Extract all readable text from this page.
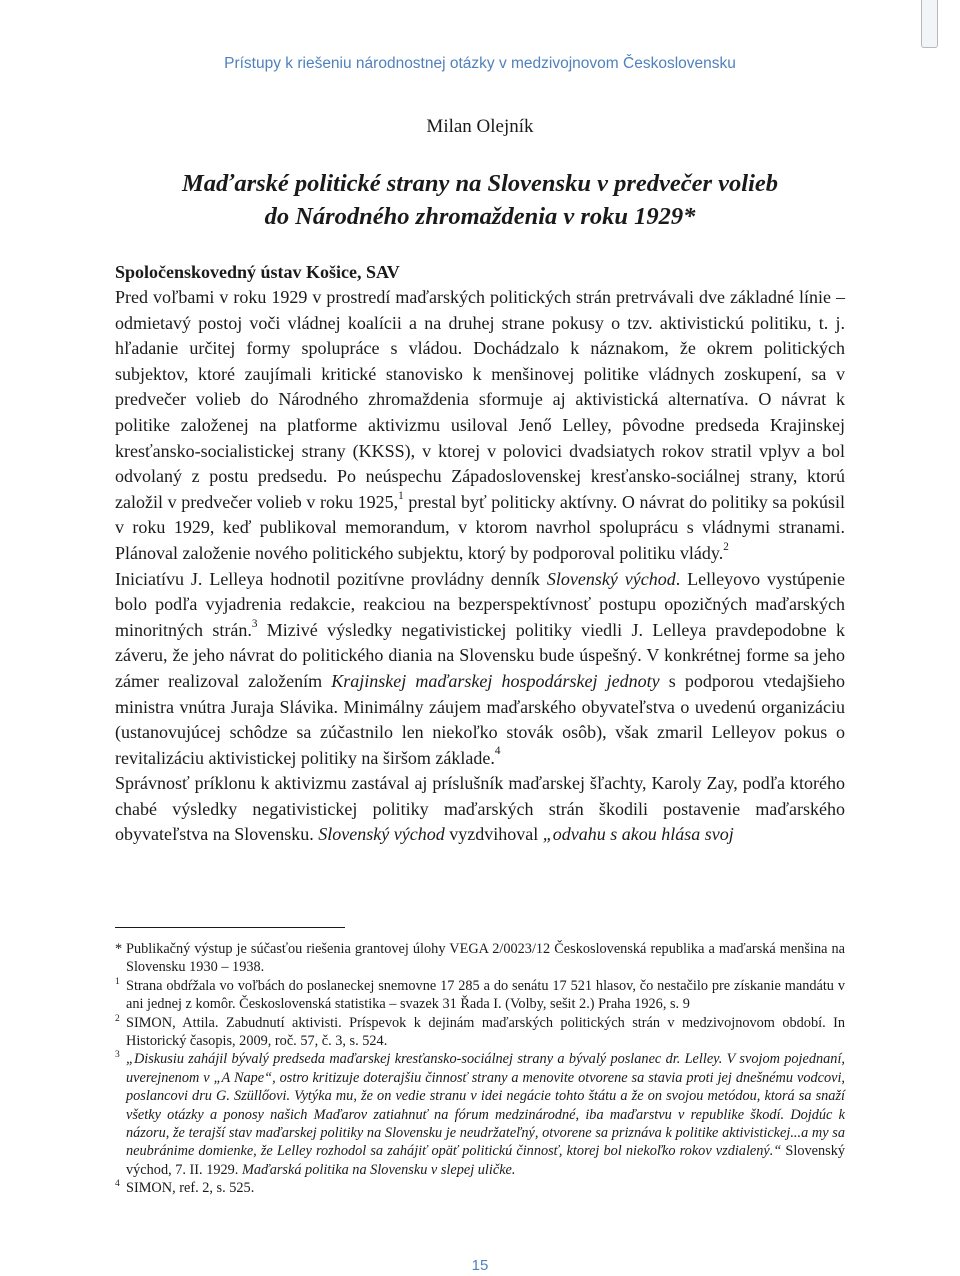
Prístupy k riešeniu národnostnej otázky v medzivojnovom Československu
Milan Olejník
Maďarské politické strany na Slovensku v predvečer volieb
do Národného zhromaždenia v roku 1929*
Spoločenskovedný ústav Košice, SAV

Pred voľbami v roku 1929 v prostredí maďarských politických strán pretrvávali dve základné línie – odmietavý postoj voči vládnej koalícii a na druhej strane pokusy o tzv. aktivistickú politiku, t. j. hľadanie určitej formy spolupráce s vládou. Dochádzalo k náznakom, že okrem politických subjektov, ktoré zaujímali kritické stanovisko k menšinovej politike vládnych zoskupení, sa v predvečer volieb do Národného zhromaždenia sformuje aj aktivistická alternatíva. O návrat k politike založenej na platforme aktivizmu usiloval Jenő Lelley, pôvodne predseda Krajinskej kresťansko-socialistickej strany (KKSS), v ktorej v polovici dvadsiatych rokov stratil vplyv a bol odvolaný z postu predsedu. Po neúspechu Západoslovenskej kresťansko-sociálnej strany, ktorú založil v predvečer volieb v roku 1925,$^1$ prestal byť politicky aktívny. O návrat do politiky sa pokúsil v roku 1929, keď publikoval memorandum, v ktorom navrhol spoluprácu s vládnymi stranami. Plánoval založenie nového politického subjektu, ktorý by podporoval politiku vlády.$^2$

Iniciatívu J. Lelleya hodnotil pozitívne provládny denník Slovenský východ. Lelleyovo vystúpenie bolo podľa vyjadrenia redakcie, reakciou na bezperspektívnosť postupu opozičných maďarských minoritných strán.$^3$ Mizivé výsledky negativistickej politiky viedli J. Lelleya pravdepodobne k záveru, že jeho návrat do politického diania na Slovensku bude úspešný. V konkrétnej forme sa jeho zámer realizoval založením Krajinskej maďarskej hospodárskej jednoty s podporou vtedajšieho ministra vnútra Juraja Slávika. Minimálny záujem maďarského obyvateľstva o uvedenú organizáciu (ustanovujúcej schôdze sa zúčastnilo len niekoľko stovák osôb), však zmaril Lelleyov pokus o revitalizáciu aktivistickej politiky na širšom základe.$^4$

Správnosť príklonu k aktivizmu zastával aj príslušník maďarskej šľachty, Karoly Zay, podľa ktorého chabé výsledky negativistickej politiky maďarských strán škodili postavenie maďarského obyvateľstva na Slovensku. Slovenský východ vyzdvihoval „odvahu s akou hlása svoj

* Publikačný výstup je súčasťou riešenia grantovej úlohy VEGA 2/0023/12 Československá republika a maďarská menšina na Slovensku 1930 – 1938.
1 Strana obdŕžala vo voľbách do poslaneckej snemovne 17 285 a do senátu 17 521 hlasov, čo nestačilo pre získanie mandátu v ani jednej z komôr. Československá statistika – svazek 31 Řada I. (Volby, sešit 2.) Praha 1926, s. 9
2 SIMON, Attila. Zabudnutí aktivisti. Príspevok k dejinám maďarských politických strán v medzivojnovom období. In Historický časopis, 2009, roč. 57, č. 3, s. 524.
3 „Diskusiu zahájil bývalý predseda maďarskej kresťansko-sociálnej strany a bývalý poslanec dr. Lelley. V svojom pojednaní, uverejnenom v „A Nape“, ostro kritizuje doterajšiu činnosť strany a menovite otvorene sa stavia proti jej dnešnému vodcovi, poslancovi dru G. Szüllőovi. Vytýka mu, že on vedie stranu v idei negácie tohto štátu a že on svojou metódou, ktorá sa snaží všetky otázky a ponosy našich Maďarov zatiahnuť na fórum medzinárodné, iba maďarstvu v republike škodí. Dojdúc k názoru, že terajší stav maďarskej politiky na Slovensku je neudržateľný, otvorene sa priznáva k politike aktivistickej...a my sa neubránime domienke, že Lelley rozhodol sa zahájiť opäť politickú činnosť, ktorej bol niekoľko rokov vzdialený.“ Slovenský východ, 7. II. 1929. Maďarská politika na Slovensku v slepej uličke.
4 SIMON, ref. 2, s. 525.
15
